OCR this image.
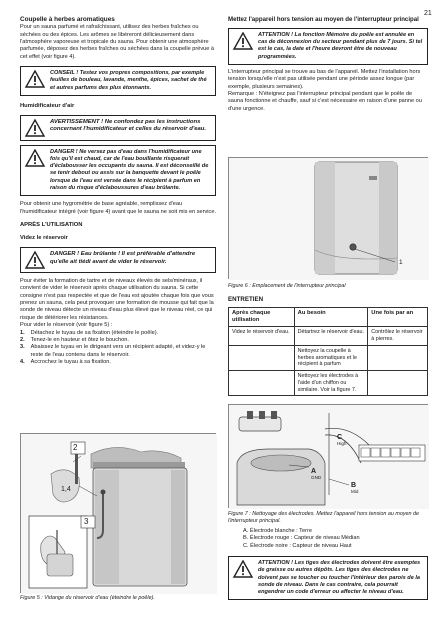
21
Coupelle à herbes aromatiques
Pour un sauna parfumé et rafraîchissant, utilisez des herbes fraîches ou séchées ou des épices. Les arômes se libéreront délicieusement dans l'atmosphère vaporeuse et tropicale du sauna. Pour obtenir une atmosphère parfumée, déposez des herbes fraîches ou séchées dans la coupelle prévue à cet effet (voir figure 4).
CONSEIL ! Testez vos propres compositions, par exemple feuilles de bouleau, lavande, menthe, épices, sachet de thé et autres parfums des plus étonnants.
Humidificateur d'air
AVERTISSEMENT ! Ne confondez pas les instructions concernant l'humidificateur et celles du réservoir d'eau.
DANGER ! Ne versez pas d'eau dans l'humidificateur une fois qu'il est chaud, car de l'eau bouillante risquerait d'éclabousser les occupants du sauna. Il est déconseillé de se tenir debout ou assis sur la banquette devant le poêle lorsque de l'eau est versée dans le récipient à parfum en raison du risque d'éclaboussures d'eau brûlante.
Pour obtenir une hygrométrie de base agréable, remplissez d'eau l'humidificateur intégré (voir figure 4) avant que le sauna ne soit mis en service.
APRÈS L'UTILISATION
Videz le réservoir
DANGER ! Eau brûlante ! Il est préférable d'attendre qu'elle ait tiédi avant de vider le réservoir.
Pour éviter la formation de tartre et de niveaux élevés de sels/minéraux, il convient de vider le réservoir après chaque utilisation du sauna. Si cette consigne n'est pas respectée et que de l'eau est ajoutée chaque fois que vous prenez un sauna, cela peut provoquer une formation de mousse qui fait que la sonde de niveau détecte un niveau d'eau plus élevé que le niveau réel, ce qui risque de détériorer les résistances.
Pour vider le réservoir (voir figure 5) :
1. Détachez le tuyau de sa fixation (éteindre le poêle).
2. Tenez-le en hauteur et ôtez le bouchon.
3. Abaissez le tuyau en le dirigeant vers un récipient adapté, et videz-y le reste de l'eau contenu dans le réservoir.
4. Accrochez le tuyau à sa fixation.
2
1,4
3
Figure 5 : Vidange du réservoir d'eau (éteindre le poêle).
Mettez l'appareil hors tension au moyen de l'interrupteur principal
ATTENTION ! La fonction Mémoire du poêle est annulée en cas de déconnexion du secteur pendant plus de 7 jours. Si tel est le cas, la date et l'heure devront être de nouveau programmées.
L'interrupteur principal se trouve au bas de l'appareil. Mettez l'installation hors tension lorsqu'elle n'est pas utilisée pendant une période assez longue (par exemple, plusieurs semaines).
Remarque : N'éteignez pas l'interrupteur principal pendant que le poêle de sauna fonctionne et chauffe, sauf si c'est nécessaire en raison d'une panne ou d'une urgence.
1
Figure 6 : Emplacement de l'interrupteur principal
ENTRETIEN
Après chaque utilisation	Au besoin	Une fois par an
Videz le réservoir d'eau.	Détartrez le réservoir d'eau.	Contrôlez le réservoir à pierres.
	Nettoyez la coupelle à herbes aromatiques et le récipient à parfum	
	Nettoyez les électrodes à l'aide d'un chiffon ou similaire. Voir la figure 7.	
A
GND
B
Mid
C
High
Figure 7 : Nettoyage des électrodes. Mettez l'appareil hors tension au moyen de l'interrupteur principal.
A. Électrode blanche : Terre
B. Électrode rouge : Capteur de niveau Médian
C. Électrode noire : Capteur de niveau Haut
ATTENTION ! Les tiges des électrodes doivent être exemptes de graisse ou autres dépôts. Les tiges des électrodes ne doivent pas se toucher ou toucher l'intérieur des parois de la sonde de niveau. Dans le cas contraire, cela pourrait engendrer un code d'erreur ou affecter le niveau d'eau.
